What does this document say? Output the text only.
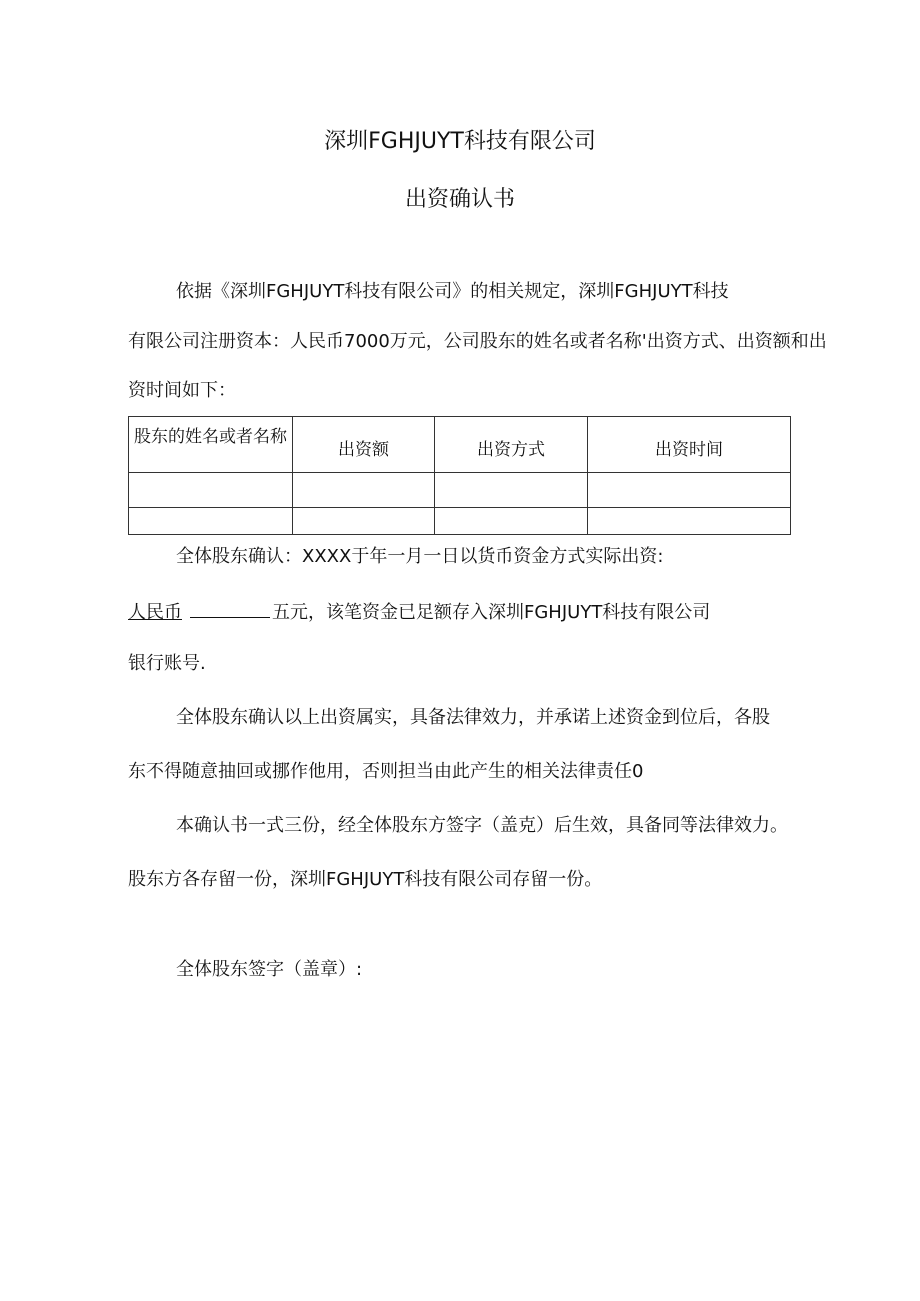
深圳FGHJUYT科技有限公司
出资确认书
依据《深圳FGHJUYT科技有限公司》的相关规定，深圳FGHJUYT科技
有限公司注册资本：人民币7000万元，公司股东的姓名或者名称'出资方式、出资额和出
资时间如下：
股东的姓名或者名称	出资额	出资方式	出资时间

全体股东确认：XXXX于年一月一日以货币资金方式实际出资:
人民币	五元，该笔资金已足额存入深圳FGHJUYT科技有限公司
银行账号.
全体股东确认以上出资属实，具备法律效力，并承诺上述资金到位后，各股
东不得随意抽回或挪作他用，否则担当由此产生的相关法律责任0
本确认书一式三份，经全体股东方签字（盖克）后生效，具备同等法律效力。
股东方各存留一份，深圳FGHJUYT科技有限公司存留一份。
全体股东签字（盖章）:
